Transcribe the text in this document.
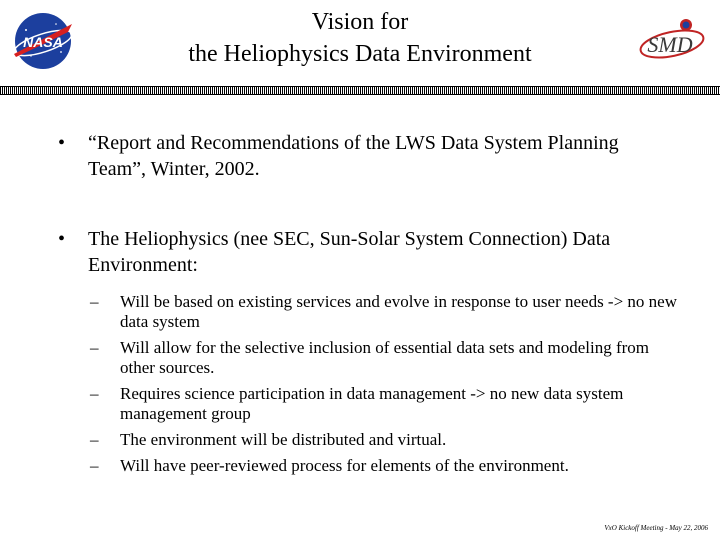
NASA
Vision for
the Heliophysics Data Environment	SMD
• “Report and Recommendations of the LWS Data System Planning Team”, Winter, 2002.
• The Heliophysics (nee SEC, Sun-Solar System Connection) Data Environment:
– Will be based on existing services and evolve in response to user needs -> no new data system
– Will allow for the selective inclusion of essential data sets and modeling from other sources.
– Requires science participation in data management -> no new data system management group
– The environment will be distributed and virtual.
– Will have peer-reviewed process for elements of the environment.
VxO Kickoff Meeting - May 22, 2006
